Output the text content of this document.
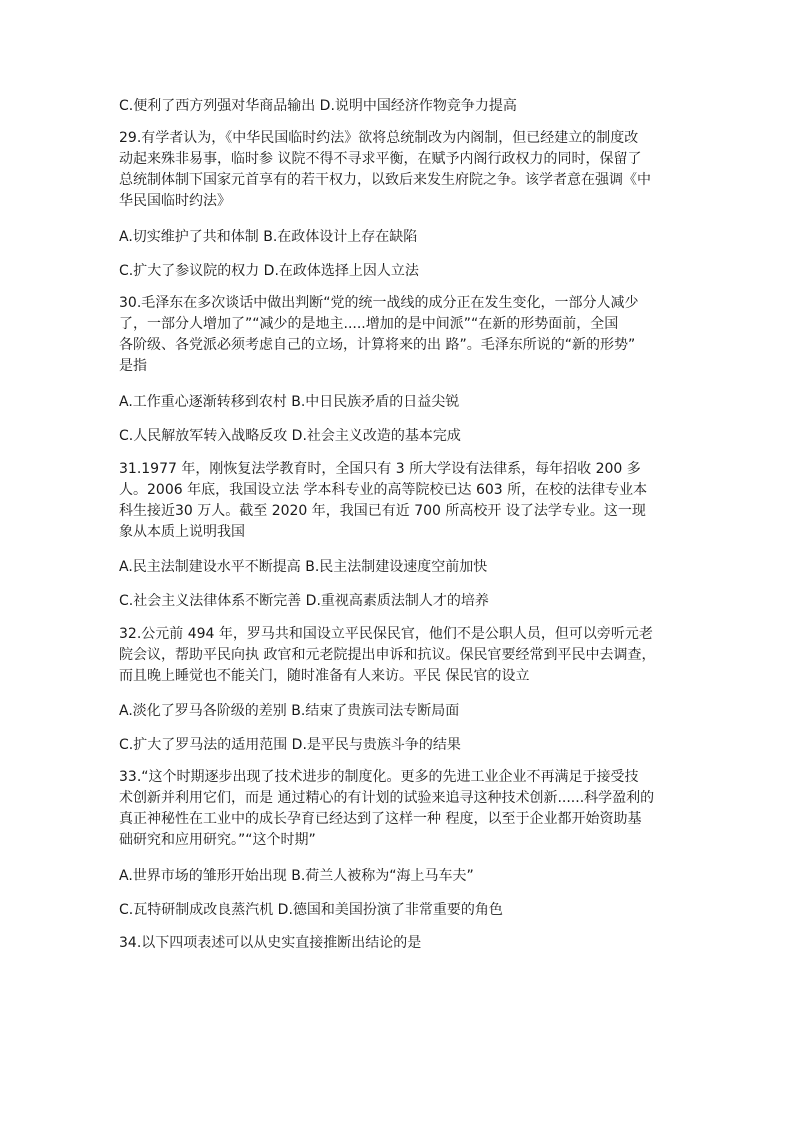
C.便利了西方列强对华商品输出 D.说明中国经济作物竞争力提高
29.有学者认为，《中华民国临时约法》欲将总统制改为内阁制，但已经建立的制度改
动起来殊非易事，临时参 议院不得不寻求平衡，在赋予内阁行政权力的同时，保留了
总统制体制下国家元首享有的若干权力，以致后来发生府院之争。该学者意在强调《中
华民国临时约法》
A.切实维护了共和体制 B.在政体设计上存在缺陷
C.扩大了参议院的权力 D.在政体选择上因人立法
30.毛泽东在多次谈话中做出判断“党的统一战线的成分正在发生变化，一部分人减少
了，一部分人增加了”“减少的是地主.....增加的是中间派”“在新的形势面前，全国
各阶级、各党派必须考虑自己的立场，计算将来的出 路”。毛泽东所说的“新的形势”
是指
A.工作重心逐渐转移到农村 B.中日民族矛盾的日益尖锐
C.人民解放军转入战略反攻 D.社会主义改造的基本完成
31.1977 年，刚恢复法学教育时，全国只有 3 所大学设有法律系，每年招收 200 多
人。2006 年底，我国设立法 学本科专业的高等院校已达 603 所，在校的法律专业本
科生接近30 万人。截至 2020 年，我国已有近 700 所高校开 设了法学专业。这一现
象从本质上说明我国
A.民主法制建设水平不断提高 B.民主法制建设速度空前加快
C.社会主义法律体系不断完善 D.重视高素质法制人才的培养
32.公元前 494 年，罗马共和国设立平民保民官，他们不是公职人员，但可以旁听元老
院会议，帮助平民向执 政官和元老院提出申诉和抗议。保民官要经常到平民中去调查，
而且晚上睡觉也不能关门，随时准备有人来访。平民 保民官的设立
A.淡化了罗马各阶级的差别 B.结束了贵族司法专断局面
C.扩大了罗马法的适用范围 D.是平民与贵族斗争的结果
33.“这个时期逐步出现了技术进步的制度化。更多的先进工业企业不再满足于接受技
术创新并利用它们，而是 通过精心的有计划的试验来追寻这种技术创新......科学盈利的
真正神秘性在工业中的成长孕育已经达到了这样一种 程度，以至于企业都开始资助基
础研究和应用研究。”“这个时期”
A.世界市场的雏形开始出现 B.荷兰人被称为“海上马车夫”
C.瓦特研制成改良蒸汽机 D.德国和美国扮演了非常重要的角色
34.以下四项表述可以从史实直接推断出结论的是
